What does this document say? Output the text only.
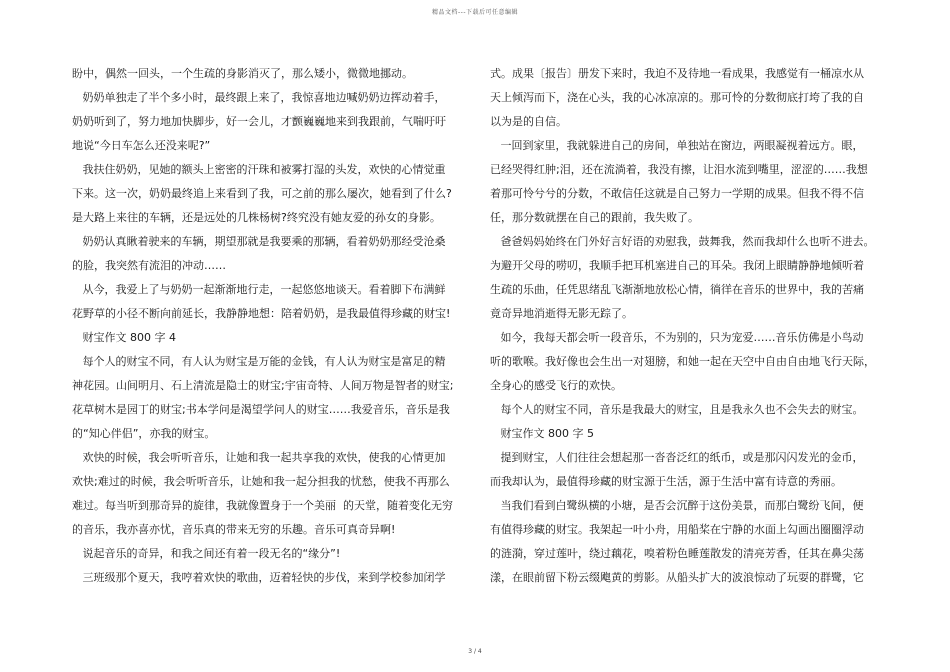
精品文档---下载后可任意编辑
盼中，偶然一回头，一个生疏的身影消灭了，那么矮小，微微地挪动。
奶奶单独走了半个多小时，最终跟上来了，我惊喜地边喊奶奶边挥动着手，
奶奶听到了，努力地加快脚步，好一会儿，才颤巍巍地来到我跟前，气喘吁吁
地说“今日车怎么还没来呢?”
我扶住奶奶，见她的额头上密密的汗珠和被雾打湿的头发，欢快的心情觉重
下来。这一次，奶奶最终追上来看到了我，可之前的那么屡次，她看到了什么?
是大路上来往的车辆，还是远处的几株杨树?终究没有她友爱的孙女的身影。
奶奶认真瞅着驶来的车辆，期望那就是我要乘的那辆，看着奶奶那经受沧桑
的脸，我突然有流泪的冲动……
从今，我爱上了与奶奶一起渐渐地行走，一起悠悠地谈天。看着脚下布满鲜
花野草的小径不断向前延长，我静静地想：陪着奶奶，是我最值得珍藏的财宝!
财宝作文 800 字 4
每个人的财宝不同，有人认为财宝是万能的金钱，有人认为财宝是富足的精
神花园。山间明月、石上清流是隐士的财宝;宇宙奇特、人间万物是智者的财宝;
花草树木是园丁的财宝;书本学问是渴望学问人的财宝……我爱音乐，音乐是我
的“知心伴侣”，亦我的财宝。
欢快的时候，我会听听音乐，让她和我一起共享我的欢快，使我的心情更加
欢快;难过的时候，我会听听音乐，让她和我一起分担我的忧愁，使我不再那么
难过。每当听到那奇异的旋律，我就像置身于一个美丽  的天堂，随着变化无穷
的音乐，我亦喜亦忧，音乐真的带来无穷的乐趣。音乐可真奇异啊!
说起音乐的奇异，和我之间还有着一段无名的“缘分”!
三班级那个夏天，我哼着欢快的歌曲，迈着轻快的步伐，来到学校参加闭学
式。成果〔报告〕册发下来时，我迫不及待地一看成果，我感觉有一桶凉水从
天上倾泻而下，浇在心头，我的心冰凉凉的。那可怜的分数彻底打垮了我的自
以为是的自信。
一回到家里，我就躲进自己的房间，单独站在窗边，两眼凝视着远方。眼，
已经哭得红肿;泪，还在流淌着，我没有擦，让泪水流到嘴里，涩涩的……我想
着那可怜兮兮的分数，不敢信任这就是自己努力一学期的成果。但我不得不信
任，那分数就摆在自己的跟前，我失败了。
爸爸妈妈始终在门外好言好语的劝慰我，鼓舞我，然而我却什么也听不进去。
为避开父母的唠叨，我顺手把耳机塞进自己的耳朵。我闭上眼睛静静地倾听着
生疏的乐曲，任凭思绪乱飞渐渐地放松心情，徜徉在音乐的世界中，我的苦痛
竟奇异地消逝得无影无踪了。
如今，我每天都会听一段音乐，不为别的，只为宠爱……音乐仿佛是小鸟动
听的歌喉。我好像也会生出一对翅膀，和她一起在天空中自由自由地飞行天际，
全身心的感受飞行的欢快。
每个人的财宝不同，音乐是我最大的财宝，且是我永久也不会失去的财宝。
财宝作文 800 字 5
提到财宝，人们往往会想起那一沓沓泛红的纸币，或是那闪闪发光的金币，
而我却认为，最值得珍藏的财宝源于生活，源于生活中富有诗意的秀丽。
当我们看到白鹭纵横的小塘，是否会沉醉于这份美景，而那白鹭纷飞间，便
有值得珍藏的财宝。我架起一叶小舟，用船桨在宁静的水面上勾画出圈圈浮动
的涟漪，穿过莲叶，绕过藕花，嗅着粉色睡莲散发的清亮芳香，任其在鼻尖荡
漾，在眼前留下粉云缀飑黄的剪影。从船头扩大的波浪惊动了玩耍的群鹭，它
3 / 4
